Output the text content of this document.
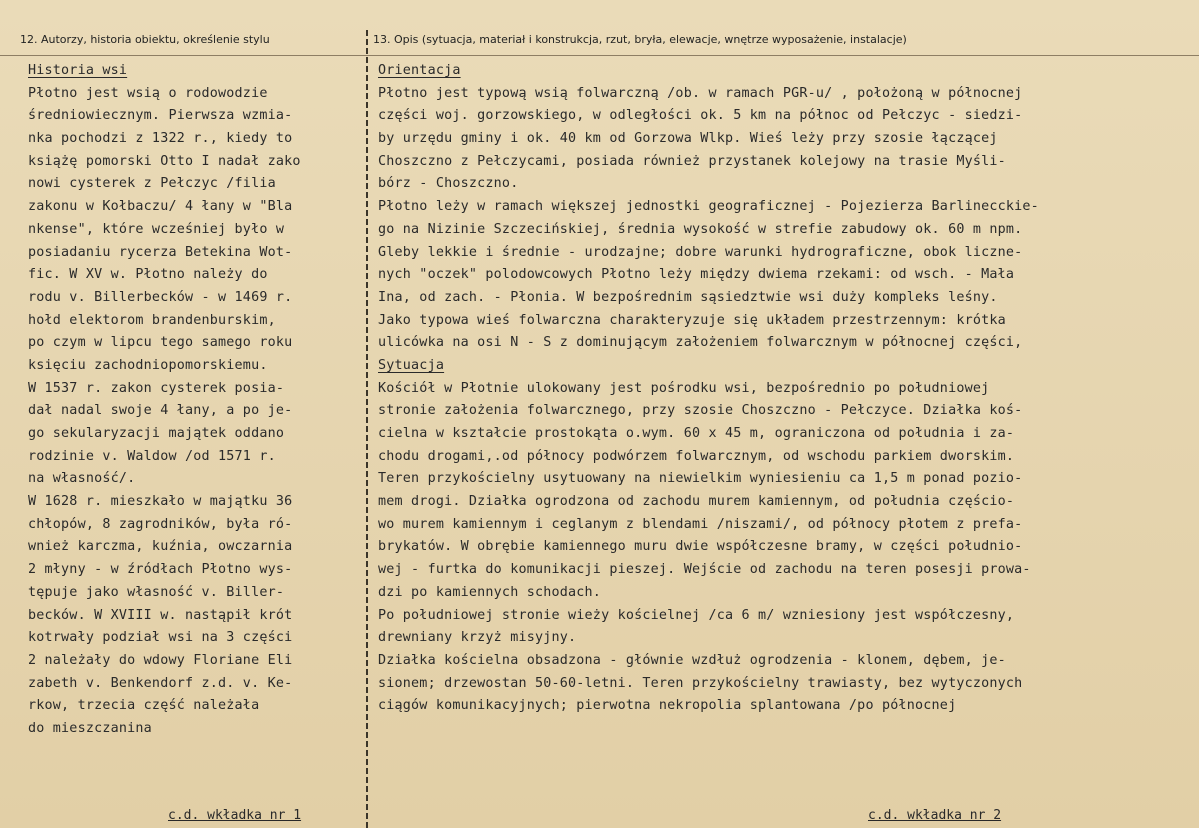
12. Autorzy, historia obiektu, określenie stylu	13. Opis (sytuacja, materiał i konstrukcja, rzut, bryła, elewacje, wnętrze wyposażenie, instalacje)
Historia wsi
Płotno jest wsią o rodowodzie
średniowiecznym. Pierwsza wzmia-
nka pochodzi z 1322 r., kiedy to
książę pomorski Otto I nadał zako
nowi cysterek z Pełczyc /filia
zakonu w Kołbaczu/ 4 łany w "Bla
nkense", które wcześniej było w
posiadaniu rycerza Betekina Wot-
fic. W XV w. Płotno należy do
rodu v. Billerbecków - w 1469 r.
hołd elektorom brandenburskim,
po czym w lipcu tego samego roku
księciu zachodniopomorskiemu.
W 1537 r. zakon cysterek posia-
dał nadal swoje 4 łany, a po je-
go sekularyzacji majątek oddano
rodzinie v. Waldow /od 1571 r.
na własność/.
W 1628 r. mieszkało w majątku 36
chłopów, 8 zagrodników, była ró-
wnież karczma, kuźnia, owczarnia
2 młyny - w źródłach Płotno wys-
tępuje jako własność v. Biller-
becków. W XVIII w. nastąpił krót
kotrwały podział wsi na 3 części
2 należały do wdowy Floriane Eli
zabeth v. Benkendorf z.d. v. Ke-
rkow, trzecia część należała
do mieszczanina
Orientacja
Płotno jest typową wsią folwarczną /ob. w ramach PGR-u/ , położoną w północnej
części woj. gorzowskiego, w odległości ok. 5 km na północ od Pełczyc - siedzi-
by urzędu gminy i ok. 40 km od Gorzowa Wlkp. Wieś leży przy szosie łączącej
Choszczno z Pełczycami, posiada również przystanek kolejowy na trasie Myśli-
bórz - Choszczno.
Płotno leży w ramach większej jednostki geograficznej - Pojezierza Barlinecckie-
go na Nizinie Szczecińskiej, średnia wysokość w strefie zabudowy ok. 60 m npm.
Gleby lekkie i średnie - urodzajne; dobre warunki hydrograficzne, obok liczne-
nych "oczek" polodowcowych Płotno leży między dwiema rzekami: od wsch. - Mała
Ina, od zach. - Płonia. W bezpośrednim sąsiedztwie wsi duży kompleks leśny.
Jako typowa wieś folwarczna charakteryzuje się układem przestrzennym: krótka
ulicówka na osi N - S z dominującym założeniem folwarcznym w północnej części,
Sytuacja
Kościół w Płotnie ulokowany jest pośrodku wsi, bezpośrednio po południowej
stronie założenia folwarcznego, przy szosie Choszczno - Pełczyce. Działka koś-
cielna w kształcie prostokąta o.wym. 60 x 45 m, ograniczona od południa i za-
chodu drogami,.od północy podwórzem folwarcznym, od wschodu parkiem dworskim.
Teren przykościelny usytuowany na niewielkim wyniesieniu ca 1,5 m ponad pozio-
mem drogi. Działka ogrodzona od zachodu murem kamiennym, od południa częścio-
wo murem kamiennym i ceglanym z blendami /niszami/, od północy płotem z prefa-
brykatów. W obrębie kamiennego muru dwie współczesne bramy, w części południo-
wej - furtka do komunikacji pieszej. Wejście od zachodu na teren posesji prowa-
dzi po kamiennych schodach.
Po południowej stronie wieży kościelnej /ca 6 m/ wzniesiony jest współczesny,
drewniany krzyż misyjny.
Działka kościelna obsadzona - głównie wzdłuż ogrodzenia - klonem, dębem, je-
sionem; drzewostan 50-60-letni. Teren przykościelny trawiasty, bez wytyczonych
ciągów komunikacyjnych; pierwotna nekropolia splantowana /po północnej
c.d. wkładka nr 1	c.d. wkładka nr 2
